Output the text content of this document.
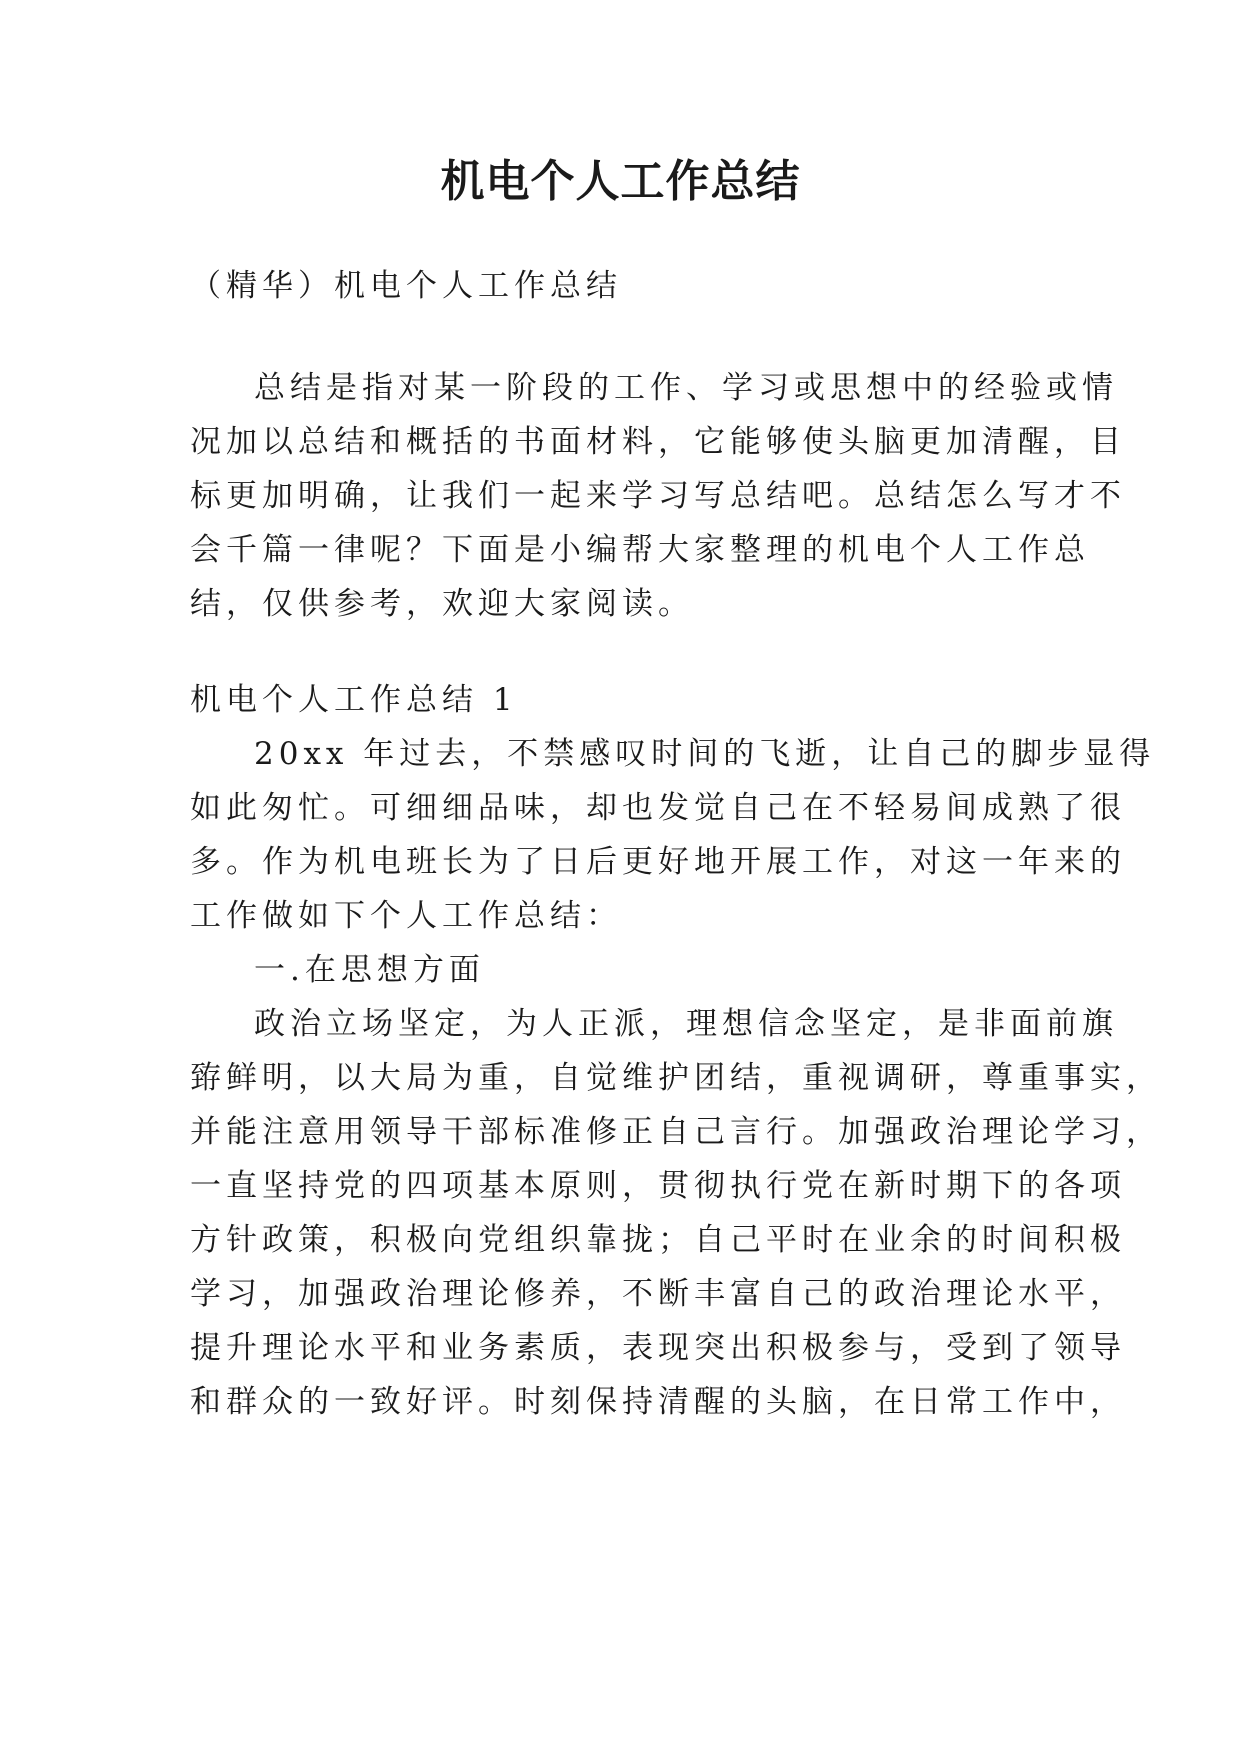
机电个人工作总结
（精华）机电个人工作总结
总结是指对某一阶段的工作、学习或思想中的经验或情
况加以总结和概括的书面材料，它能够使头脑更加清醒，目
标更加明确，让我们一起来学习写总结吧。总结怎么写才不
会千篇一律呢？下面是小编帮大家整理的机电个人工作总
结，仅供参考，欢迎大家阅读。
机电个人工作总结 1
20xx 年过去，不禁感叹时间的飞逝，让自己的脚步显得
如此匆忙。可细细品味，却也发觉自己在不轻易间成熟了很
多。作为机电班长为了日后更好地开展工作，对这一年来的
工作做如下个人工作总结：
一.在思想方面
政治立场坚定，为人正派，理想信念坚定，是非面前旗
臶鲜明，以大局为重，自觉维护团结，重视调研，尊重事实，
并能注意用领导干部标准修正自己言行。加强政治理论学习，
一直坚持党的四项基本原则，贯彻执行党在新时期下的各项
方针政策，积极向党组织靠拢；自己平时在业余的时间积极
学习，加强政治理论修养，不断丰富自己的政治理论水平，
提升理论水平和业务素质，表现突出积极参与，受到了领导
和群众的一致好评。时刻保持清醒的头脑，在日常工作中，
